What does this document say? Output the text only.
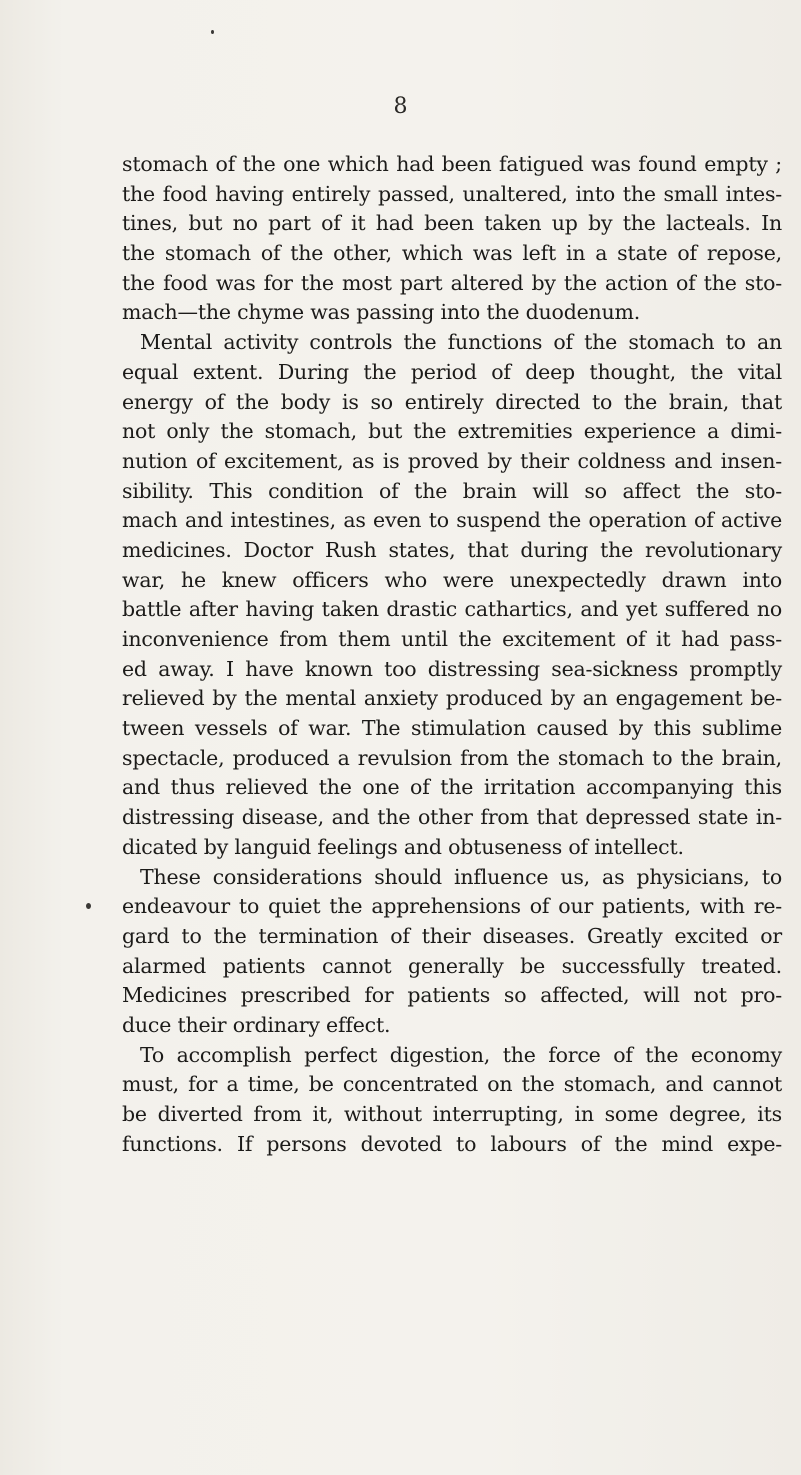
8
stomach of the one which had been fatigued was found empty ;
the food having entirely passed, unaltered, into the small intes-
tines, but no part of it had been taken up by the lacteals. In
the stomach of the other, which was left in a state of repose,
the food was for the most part altered by the action of the sto-
mach—the chyme was passing into the duodenum.
Mental activity controls the functions of the stomach to an
equal extent. During the period of deep thought, the vital
energy of the body is so entirely directed to the brain, that
not only the stomach, but the extremities experience a dimi-
nution of excitement, as is proved by their coldness and insen-
sibility. This condition of the brain will so affect the sto-
mach and intestines, as even to suspend the operation of active
medicines. Doctor Rush states, that during the revolutionary
war, he knew officers who were unexpectedly drawn into
battle after having taken drastic cathartics, and yet suffered no
inconvenience from them until the excitement of it had pass-
ed away. I have known too distressing sea-sickness promptly
relieved by the mental anxiety produced by an engagement be-
tween vessels of war. The stimulation caused by this sublime
spectacle, produced a revulsion from the stomach to the brain,
and thus relieved the one of the irritation accompanying this
distressing disease, and the other from that depressed state in-
dicated by languid feelings and obtuseness of intellect.
These considerations should influence us, as physicians, to
endeavour to quiet the apprehensions of our patients, with re-
gard to the termination of their diseases. Greatly excited or
alarmed patients cannot generally be successfully treated.
Medicines prescribed for patients so affected, will not pro-
duce their ordinary effect.
To accomplish perfect digestion, the force of the economy
must, for a time, be concentrated on the stomach, and cannot
be diverted from it, without interrupting, in some degree, its
functions. If persons devoted to labours of the mind expe-
